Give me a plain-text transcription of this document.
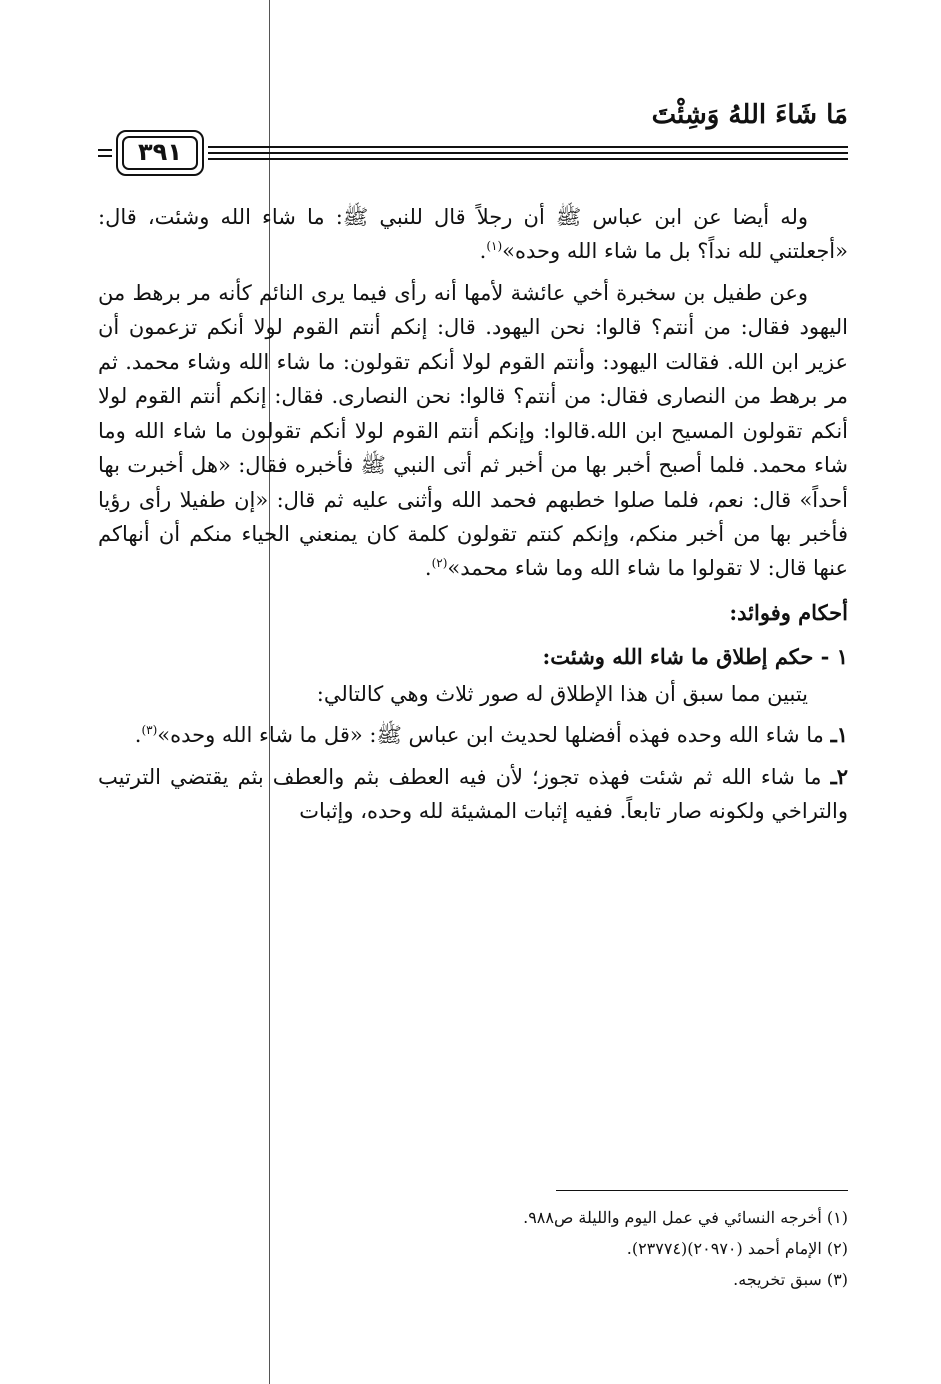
مَا شَاءَ اللهُ وَشِئْتَ
٣٩١

وله أيضا عن ابن عباس ﷺ أن رجلاً قال للنبي ﷺ: ما شاء الله وشئت، قال: «أجعلتني لله نداً؟ بل ما شاء الله وحده»$^{(١)}$.

وعن طفيل بن سخبرة أخي عائشة لأمها أنه رأى فيما يرى النائم كأنه مر برهط من اليهود فقال: من أنتم؟ قالوا: نحن اليهود. قال: إنكم أنتم القوم لولا أنكم تزعمون أن عزير ابن الله. فقالت اليهود: وأنتم القوم لولا أنكم تقولون: ما شاء الله وشاء محمد. ثم مر برهط من النصارى فقال: من أنتم؟ قالوا: نحن النصارى. فقال: إنكم أنتم القوم لولا أنكم تقولون المسيح ابن الله.قالوا: وإنكم أنتم القوم لولا أنكم تقولون ما شاء الله وما شاء محمد. فلما أصبح أخبر بها من أخبر ثم أتى النبي ﷺ فأخبره فقال: «هل أخبرت بها أحداً» قال: نعم، فلما صلوا خطبهم فحمد الله وأثنى عليه ثم قال: «إن طفيلا رأى رؤيا فأخبر بها من أخبر منكم، وإنكم كنتم تقولون كلمة كان يمنعني الحياء منكم أن أنهاكم عنها قال: لا تقولوا ما شاء الله وما شاء محمد»$^{(٢)}$.

أحكام وفوائد:
١ - حكم إطلاق ما شاء الله وشئت:

يتبين مما سبق أن هذا الإطلاق له صور ثلاث وهي كالتالي:

١ـ ما شاء الله وحده فهذه أفضلها لحديث ابن عباس ﷺ: «قل ما شاء الله وحده»$^{(٣)}$.

٢ـ ما شاء الله ثم شئت فهذه تجوز؛ لأن فيه العطف بثم والعطف بثم يقتضي الترتيب والتراخي ولكونه صار تابعاً. ففيه إثبات المشيئة لله وحده، وإثبات

(١) أخرجه النسائي في عمل اليوم والليلة ص٩٨٨.
(٢) الإمام أحمد (٢٠٩٧٠)(٢٣٧٧٤).
(٣) سبق تخريجه.
